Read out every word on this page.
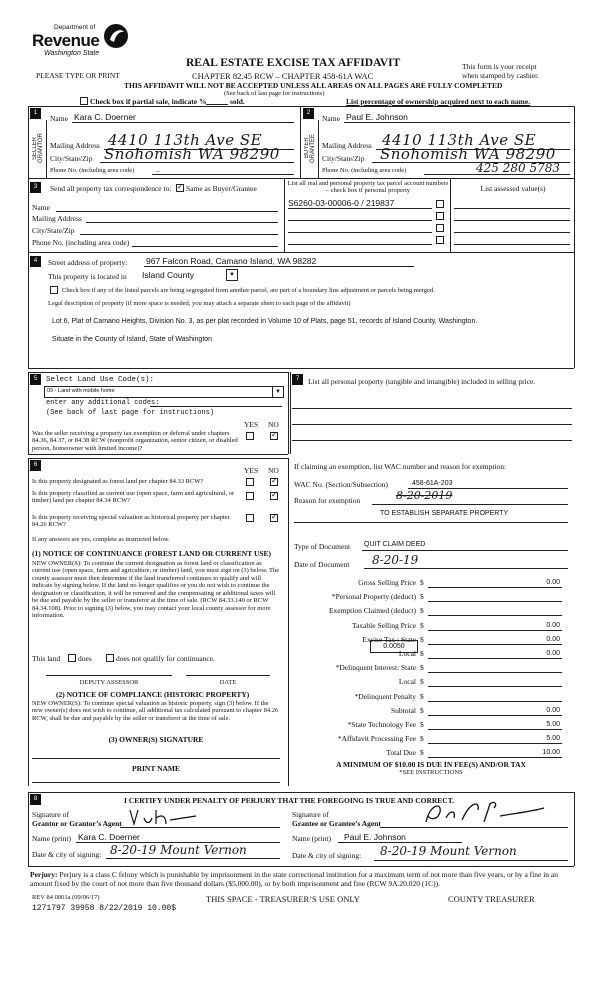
Department of
Revenue
Washington State
PLEASE TYPE OR PRINT
REAL ESTATE EXCISE TAX AFFIDAVIT
CHAPTER 82.45 RCW – CHAPTER 458-61A WAC
THIS AFFIDAVIT WILL NOT BE ACCEPTED UNLESS ALL AREAS ON ALL PAGES ARE FULLY COMPLETED
(See back of last page for instructions)
This form is your receipt
when stamped by cashier.
Check box if partial sale, indicate %	sold.	List percentage of ownership acquired next to each name.
1
SELLER GRANTOR
Name Kara C. Doerner
Mailing Address 4410 113th Ave SE
City/State/Zip Snohomish WA 98290
Phone No. (including area code)	–
2
BUYER GRANTEE
Name Paul E. Johnson
Mailing Address 4410 113th Ave SE
City/State/Zip Snohomish WA 98290
Phone No. (including area code)	425 280 5783
3	Send all property tax correspondence to:
✓ Same as Buyer/Grantee
Name
Mailing Address
City/State/Zip
Phone No. (including area code)
List all real and personal property tax parcel account numbers – check box if personal property	List assessed value(s)
S6260-03-00006-0 / 219837
4	Street address of property: 967 Falcon Road, Camano Island, WA 98282
This property is located in Island County	▼
Check box if any of the listed parcels are being segregated from another parcel, are part of a boundary line adjustment or parcels being merged.
Legal description of property (if more space is needed, you may attach a separate sheet to each page of the affidavit)
Lot 6, Plat of Camano Heights, Division No. 3, as per plat recorded in Volume 10 of Plats, page 51, records of Island County, Washington.
Situate in the County of Island, State of Washington
5	Select Land Use Code(s):
09 - Land with mobile home	▼
enter any additional codes:
(See back of last page for instructions)
YES NO
Was the seller receiving a property tax exemption or deferral under chapters 84.36, 84.37, or 84.38 RCW (nonprofit organization, senior citizen, or disabled person, homeowner with limited income)?
✓
7	List all personal property (tangible and intangible) included in selling price.
6
YES NO
Is this property designated as forest land per chapter 84.33 RCW?
✓
Is this property classified as current use (open space, farm and agricultural, or timber) land per chapter 84.34 RCW?
✓
Is this property receiving special valuation as historical property per chapter 84.26 RCW?
✓
If any answers are yes, complete as instructed below.
(1) NOTICE OF CONTINUANCE (FOREST LAND OR CURRENT USE)
NEW OWNER(S): To continue the current designation as forest land or classification as current use (open space, farm and agriculture, or timber) land, you must sign on (3) below. The county assessor must then determine if the land transferred continues to qualify and will indicate by signing below. If the land no longer qualifies or you do not wish to continue the designation or classification, it will be removed and the compensating or additional taxes will be due and payable by the seller or transferor at the time of sale. (RCW 84.33.140 or RCW 84.34.108). Prior to signing (3) below, you may contact your local county assessor for more information.
This land does	does not qualify for continuance.
DEPUTY ASSESSOR	DATE
(2) NOTICE OF COMPLIANCE (HISTORIC PROPERTY)
NEW OWNER(S): To continue special valuation as historic property, sign (3) below. If the new owner(s) does not wish to continue, all additional tax calculated pursuant to chapter 84.26 RCW, shall be due and payable by the seller or transferor at the time of sale.
(3) OWNER(S) SIGNATURE
PRINT NAME
If claiming an exemption, list WAC number and reason for exemption:
WAC No. (Section/Subsection)	458-61A-203
Reason for exemption	8-20-2019
TO ESTABLISH SEPARATE PROPERTY
Type of Document QUIT CLAIM DEED
Date of Document 8-20-19
Gross Selling Price $	0.00
*Personal Property (deduct) $
Exemption Claimed (deduct) $
Taxable Selling Price $	0.00
Excise Tax : State $	0.00
Local $	0.00
*Delinquent Interest: State $
Local $
*Delinquent Penalty $
Subtotal $	0.00
*State Technology Fee $	5.00
*Affidavit Processing Fee $	5.00
Total Due $	10.00
0.0050
A MINIMUM OF $10.00 IS DUE IN FEE(S) AND/OR TAX
*SEE INSTRUCTIONS
8	I CERTIFY UNDER PENALTY OF PERJURY THAT THE FOREGOING IS TRUE AND CORRECT.
Signature of
Grantor or Grantor’s Agent
Name (print) Kara C. Doerner
Date & city of signing: 8-20-19 Mount Vernon
Signature of
Grantee or Grantee’s Agent
Name (print) Paul E. Johnson
Date & city of signing: 8-20-19 Mount Vernon
Perjury: Perjury is a class C felony which is punishable by imprisonment in the state correctional institution for a maximum term of not more than five years, or by a fine in an amount fixed by the court of not more than five thousand dollars ($5,000.00), or by both imprisonment and fine (RCW 9A.20.020 (1C)).
REV 84 0001a (09/06/17)
1271797 39958 8/22/2019 10.00$
THIS SPACE - TREASURER’S USE ONLY	COUNTY TREASURER
